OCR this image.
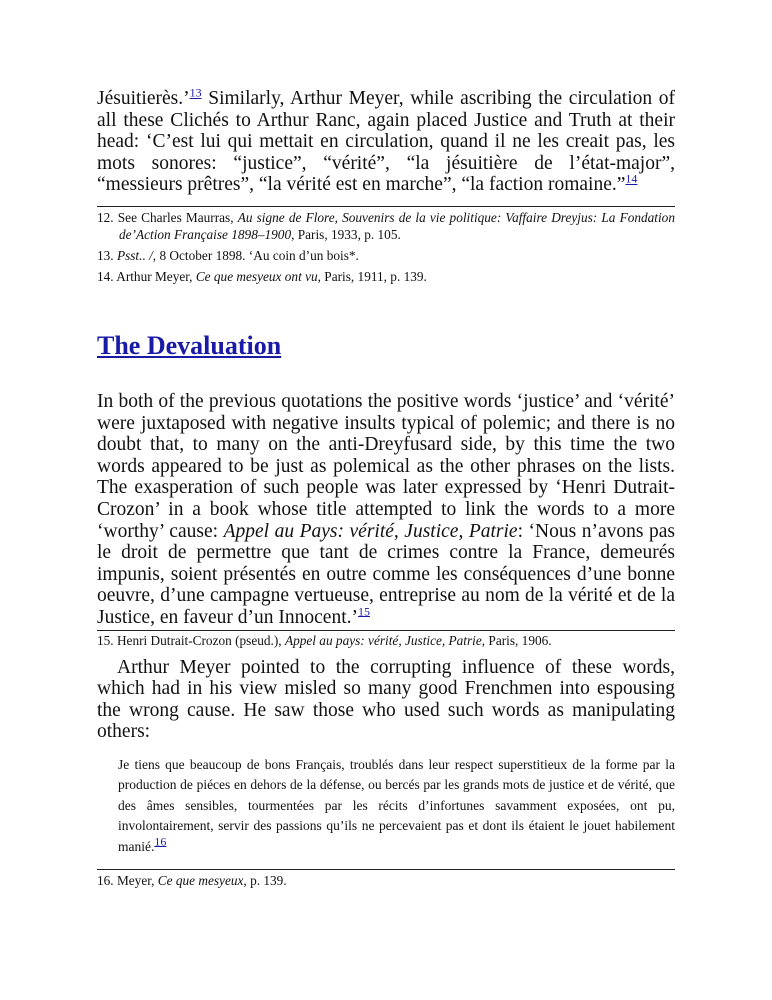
Jésuitierès.’$^{13}$ Similarly, Arthur Meyer, while ascribing the circulation of all these Clichés to Arthur Ranc, again placed Justice and Truth at their head: ‘C’est lui qui mettait en circulation, quand il ne les creait pas, les mots sonores: “justice”, “vérité”, “la jésuitière de l’état-major”, “messieurs prêtres”, “la vérité est en marche”, “la faction romaine.”$^{14}$

12. See Charles Maurras, Au signe de Flore, Souvenirs de la vie politique: Vaffaire Dreyjus: La Fondation de’Action Française 1898–1900, Paris, 1933, p. 105.

13. Psst.. /, 8 October 1898. ‘Au coin d’un bois*.

14. Arthur Meyer, Ce que mesyeux ont vu, Paris, 1911, p. 139.

The Devaluation

In both of the previous quotations the positive words ‘justice’ and ‘vérité’ were juxtaposed with negative insults typical of polemic; and there is no doubt that, to many on the anti-Dreyfusard side, by this time the two words appeared to be just as polemical as the other phrases on the lists. The exasperation of such people was later expressed by ‘Henri Dutrait-Crozon’ in a book whose title attempted to link the words to a more ‘worthy’ cause: Appel au Pays: vérité, Justice, Patrie: ‘Nous n’avons pas le droit de permettre que tant de crimes contre la France, demeurés impunis, soient présentés en outre comme les conséquences d’une bonne oeuvre, d’une campagne vertueuse, entreprise au nom de la vérité et de la Justice, en faveur d’un Innocent.’$^{15}$

15. Henri Dutrait-Crozon (pseud.), Appel au pays: vérité, Justice, Patrie, Paris, 1906.

Arthur Meyer pointed to the corrupting influence of these words, which had in his view misled so many good Frenchmen into espousing the wrong cause. He saw those who used such words as manipulating others:

Je tiens que beaucoup de bons Français, troublés dans leur respect superstitieux de la forme par la production de piéces en dehors de la défense, ou bercés par les grands mots de justice et de vérité, que des âmes sensibles, tourmentées par les récits d’infortunes savamment exposées, ont pu, involontairement, servir des passions qu’ils ne percevaient pas et dont ils étaient le jouet habilement manié.16

16. Meyer, Ce que mesyeux, p. 139.
